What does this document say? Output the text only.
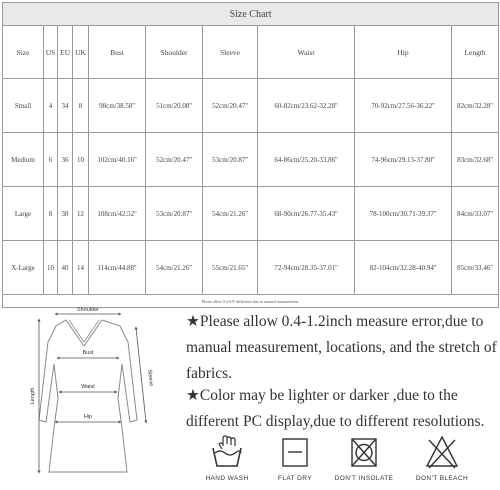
Size Chart									
Size	US	EU	UK	Bust	Shoulder	Sleeve	Waist	Hip	Length
Small	4	34	8	98cm/38.58''	51cm/20.08''	52cm/20.47''	60-82cm/23.62-32.28''	70-92cm/27.56-36.22''	82cm/32.28''
Medium	6	36	10	102cm/40.16''	52cm/20.47''	53cm/20.87''	64-86cm/25.20-33.86''	74-96cm/29.13-37.80''	83cm/32.68''
Large	8	38	12	108cm/42.52''	53cm/20.87''	54cm/21.26''	68-90cm/26.77-35.43''	78-100cm/30.71-39.37''	84cm/33.07''
X-Large	10	40	14	114cm/44.88''	54cm/21.26''	55cm/21.65''	72-94cm/28.35-37.01''	82-104cm/32.28-40.94''	85cm/33.46''
Please allow 0.4-0.8' difference due to manual measurement.									
Shoulder
Bust
Waist
Hip
Length
Sleeve
★Please allow 0.4-1.2inch measure error,due to manual measurement, locations, and the stretch of fabrics.
★Color may be lighter or darker ,due to the different PC display,due to different resolutions.
HAND WASH	FLAT DRY	DON'T INSOLATE	DON'T BLEACH
